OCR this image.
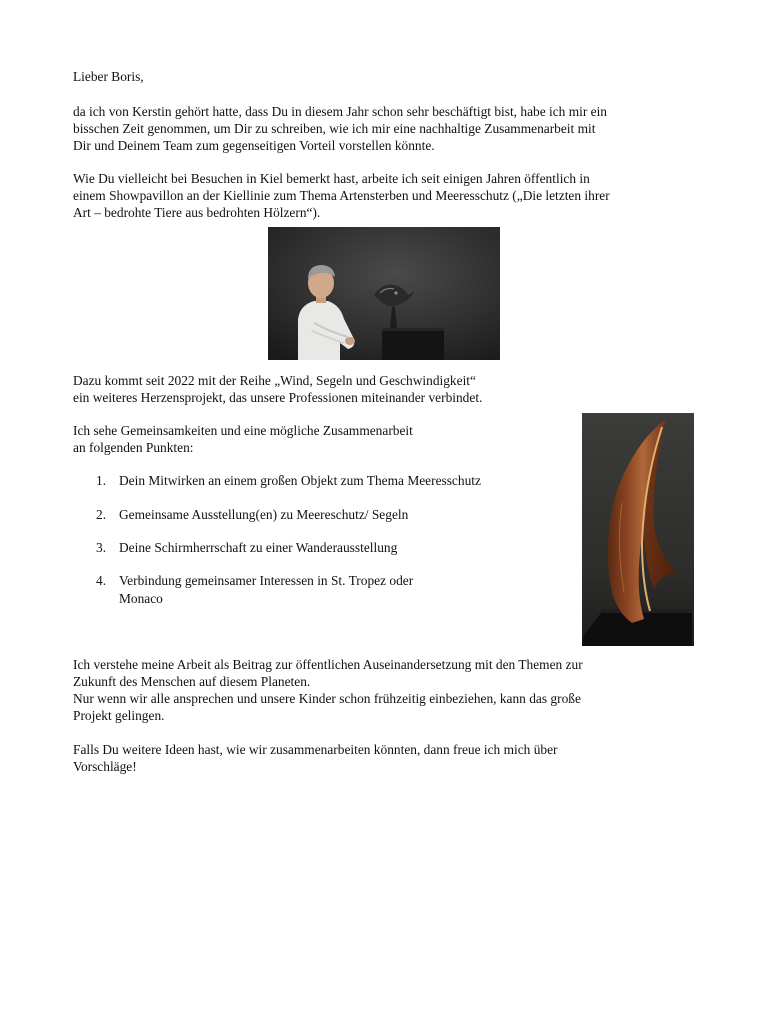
Lieber Boris,
da ich von Kerstin gehört hatte, dass Du in diesem Jahr schon sehr beschäftigt bist, habe ich mir ein
bisschen Zeit genommen, um Dir zu schreiben, wie ich mir eine nachhaltige Zusammenarbeit mit
Dir und Deinem Team zum gegenseitigen Vorteil vorstellen könnte.
Wie Du vielleicht bei Besuchen in Kiel bemerkt hast, arbeite ich seit einigen Jahren öffentlich in
einem Showpavillon an der Kiellinie zum Thema Artensterben und Meeresschutz („Die letzten ihrer
Art – bedrohte Tiere aus bedrohten Hölzern“).
Dazu kommt seit 2022 mit der Reihe „Wind, Segeln und Geschwindigkeit“
ein weiteres Herzensprojekt, das unsere Professionen miteinander verbindet.
Ich sehe Gemeinsamkeiten und eine mögliche Zusammenarbeit
an folgenden Punkten:
1. Dein Mitwirken an einem großen Objekt zum Thema Meeresschutz
2. Gemeinsame Ausstellung(en) zu Meereschutz/ Segeln
3. Deine Schirmherrschaft zu einer Wanderausstellung
4. Verbindung gemeinsamer Interessen in St. Tropez oder
Monaco
Ich verstehe meine Arbeit als Beitrag zur öffentlichen Auseinandersetzung mit den Themen zur
Zukunft des Menschen auf diesem Planeten.
Nur wenn wir alle ansprechen und unsere Kinder schon frühzeitig einbeziehen, kann das große
Projekt gelingen.
Falls Du weitere Ideen hast, wie wir zusammenarbeiten könnten, dann freue ich mich über
Vorschläge!
